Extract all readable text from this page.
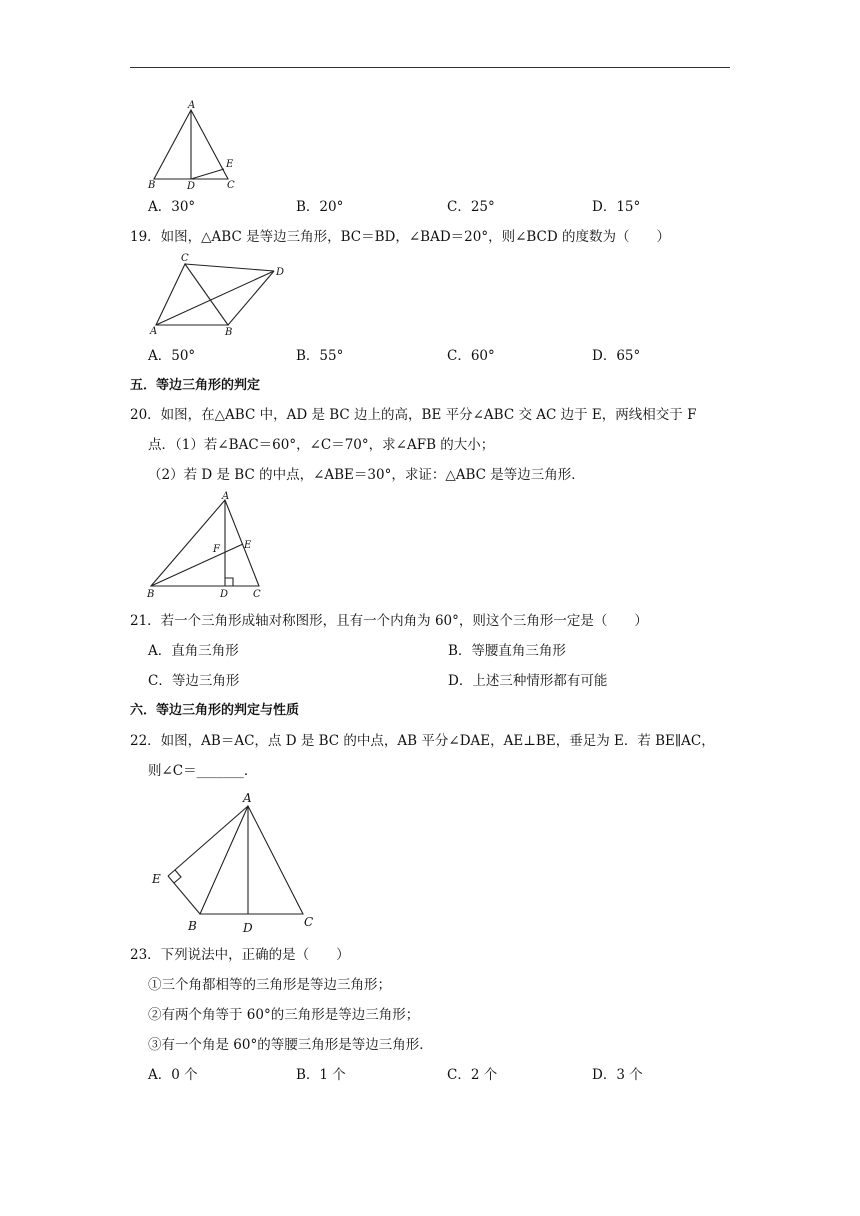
A
B	D	C
E
A．30°	B．20°	C．25°	D．15°
19．如图，△ABC 是等边三角形，BC＝BD，∠BAD＝20°，则∠BCD 的度数为（　　）
C
D
A	B
A．50°	B．55°	C．60°	D．65°
五．等边三角形的判定
20．如图，在△ABC 中，AD 是 BC 边上的高，BE 平分∠ABC 交 AC 边于 E，两线相交于 F
点．（1）若∠BAC＝60°，∠C＝70°，求∠AFB 的大小；
（2）若 D 是 BC 的中点，∠ABE＝30°，求证：△ABC 是等边三角形．
A
F E
B	D C
21．若一个三角形成轴对称图形，且有一个内角为 60°，则这个三角形一定是（　　）
A．直角三角形	B．等腰直角三角形
C．等边三角形	D．上述三种情形都有可能
六．等边三角形的判定与性质
22．如图，AB＝AC，点 D 是 BC 的中点，AB 平分∠DAE，AE⊥BE，垂足为 E．若 BE∥AC，
则∠C＝_______．
A
E
B	D	C
23．下列说法中，正确的是（　　）
①三个角都相等的三角形是等边三角形；
②有两个角等于 60°的三角形是等边三角形；
③有一个角是 60°的等腰三角形是等边三角形．
A．0 个	B．1 个	C．2 个	D．3 个
